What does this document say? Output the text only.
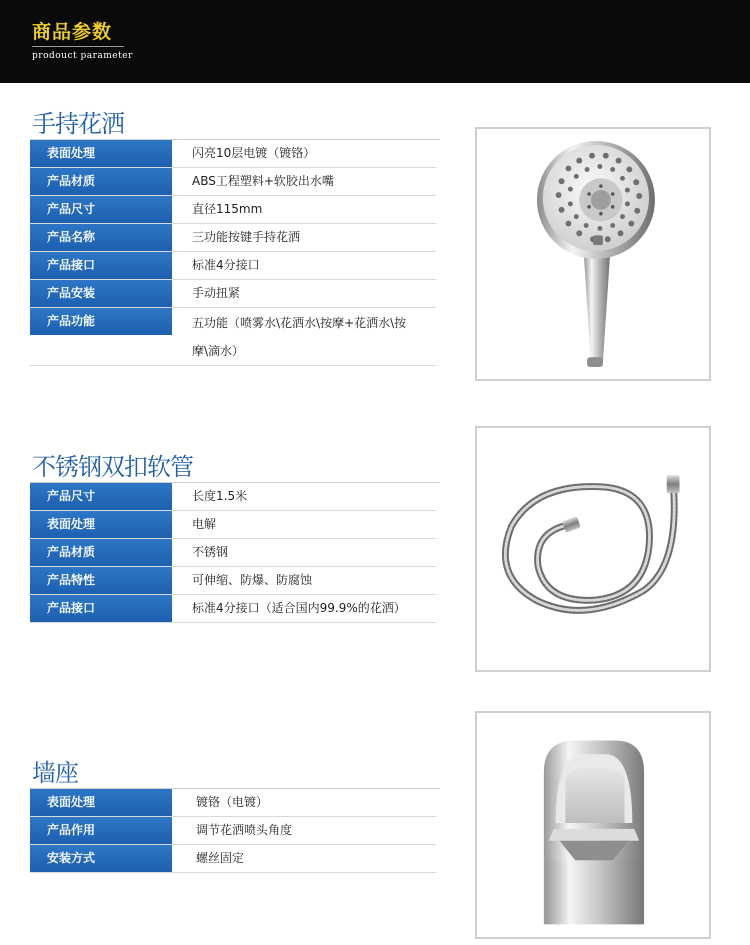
商品参数
prodouct parameter
手持花洒
表面处理	闪亮10层电镀（镀铬）
产品材质	ABS工程塑料+软胶出水嘴
产品尺寸	直径115mm
产品名称	三功能按键手持花洒
产品接口	标准4分接口
产品安装	手动扭紧
产品功能	五功能（喷雾水\花洒水\按摩+花洒水\按摩\滴水）
不锈钢双扣软管
产品尺寸	长度1.5米
表面处理	电解
产品材质	不锈钢
产品特性	可伸缩、防爆、防腐蚀
产品接口	标准4分接口（适合国内99.9%的花洒）
墙座
表面处理	镀铬（电镀）
产品作用	调节花洒喷头角度
安装方式	螺丝固定
